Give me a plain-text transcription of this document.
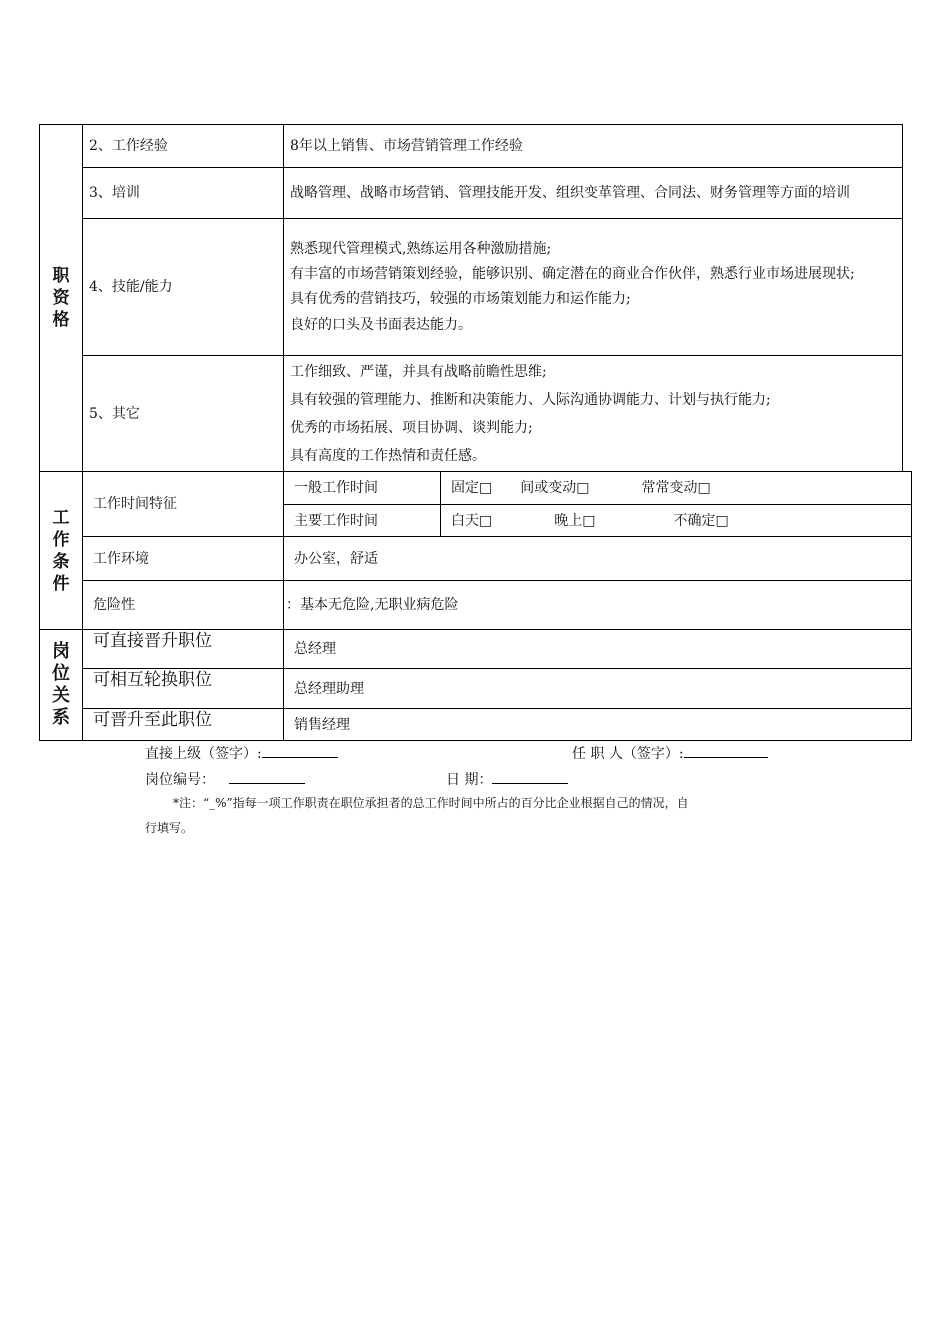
职资格	2、工作经验	8年以上销售、市场营销管理工作经验
	3、培训	战略管理、战略市场营销、管理技能开发、组织变革管理、合同法、财务管理等方面的培训
	4、技能/能力	熟悉现代管理模式,熟练运用各种激励措施;
有丰富的市场营销策划经验，能够识别、确定潜在的商业合作伙伴，熟悉行业市场进展现状;
具有优秀的营销技巧，较强的市场策划能力和运作能力;
良好的口头及书面表达能力。

	5、其它	工作细致、严谨，并具有战略前瞻性思维;
具有较强的管理能力、推断和决策能力、人际沟通协调能力、计划与执行能力;
优秀的市场拓展、项目协调、谈判能力;
具有高度的工作热情和责任感。
工作条件	工作时间特征	一般工作时间	固定□ 间或变动□ 常常变动□
		主要工作时间	白天□ 晚上□ 不确定□
	工作环境	办公室，舒适	
	危险性	：基本无危险,无职业病危险	
岗位关系	可直接晋升职位	总经理
	可相互轮换职位	总经理助理
	可晋升至此职位	销售经理
直接上级（签字）:	任 职 人（签字）:
岗位编号：	日 期：
*注：“_%”指每一项工作职责在职位承担者的总工作时间中所占的百分比企业根据自己的情况，自
行填写。
